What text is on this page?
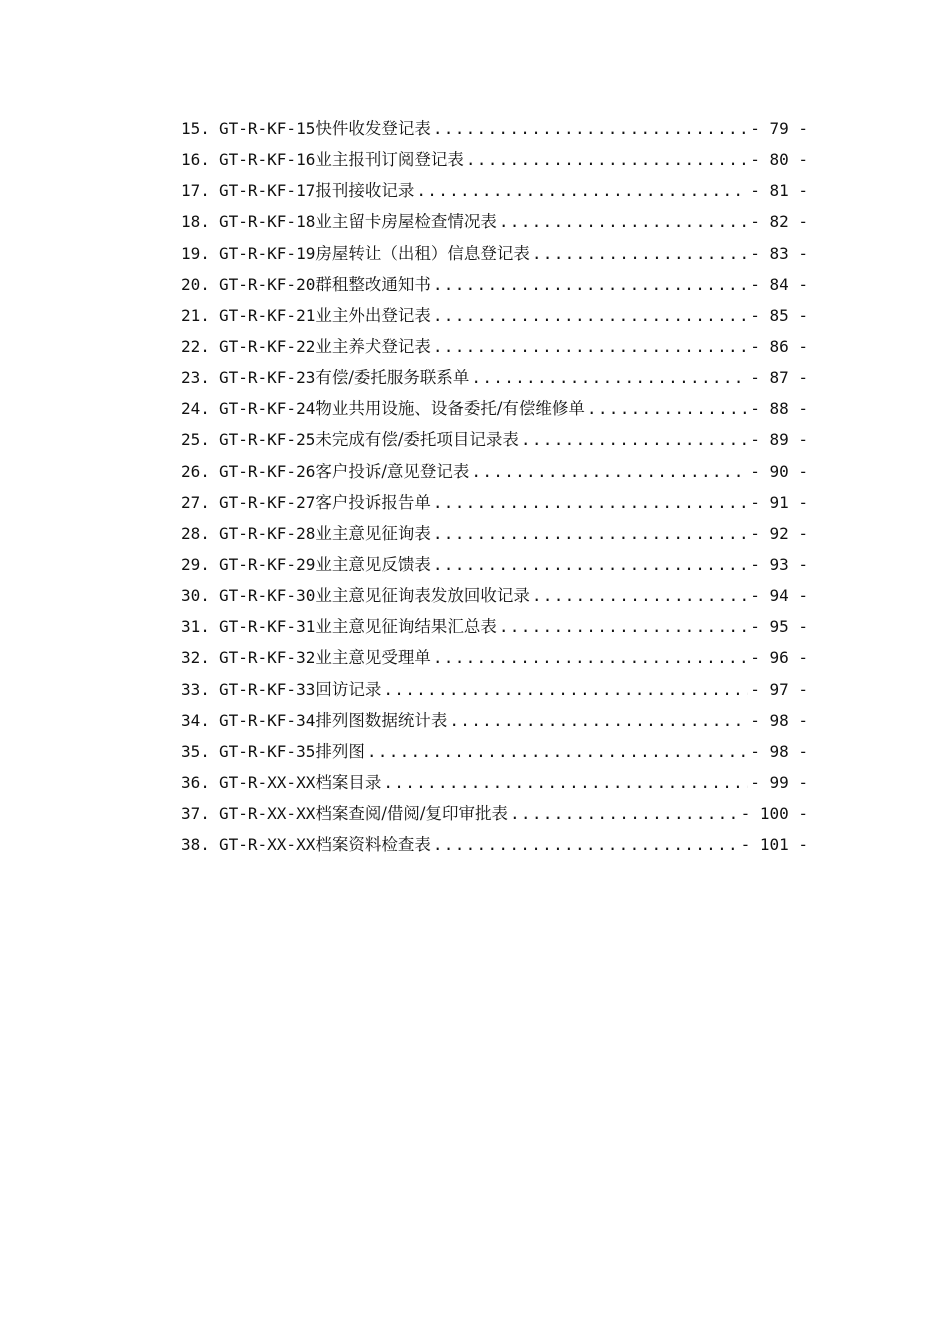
15. GT-R-KF-15 快件收发登记表 .....	- 79 -
16. GT-R-KF-16 业主报刊订阅登记表 .....	- 80 -
17. GT-R-KF-17 报刊接收记录 .....	- 81 -
18. GT-R-KF-18 业主留卡房屋检查情况表 .....	- 82 -
19. GT-R-KF-19 房屋转让（出租）信息登记表 .....	- 83 -
20. GT-R-KF-20 群租整改通知书 .....	- 84 -
21. GT-R-KF-21 业主外出登记表 .....	- 85 -
22. GT-R-KF-22 业主养犬登记表 .....	- 86 -
23. GT-R-KF-23 有偿/委托服务联系单 .....	- 87 -
24. GT-R-KF-24 物业共用设施、设备委托/有偿维修单 .....	- 88 -
25. GT-R-KF-25 未完成有偿/委托项目记录表 .....	- 89 -
26. GT-R-KF-26 客户投诉/意见登记表 .....	- 90 -
27. GT-R-KF-27 客户投诉报告单 .....	- 91 -
28. GT-R-KF-28 业主意见征询表 .....	- 92 -
29. GT-R-KF-29 业主意见反馈表 .....	- 93 -
30. GT-R-KF-30 业主意见征询表发放回收记录 .....	- 94 -
31. GT-R-KF-31 业主意见征询结果汇总表 .....	- 95 -
32. GT-R-KF-32 业主意见受理单 .....	- 96 -
33. GT-R-KF-33 回访记录 .....	- 97 -
34. GT-R-KF-34 排列图数据统计表 .....	- 98 -
35. GT-R-KF-35 排列图 .....	- 98 -
36. GT-R-XX-XX 档案目录 .....	- 99 -
37. GT-R-XX-XX 档案查阅/借阅/复印审批表 .....	- 100 -
38. GT-R-XX-XX 档案资料检查表 .....	- 101 -
